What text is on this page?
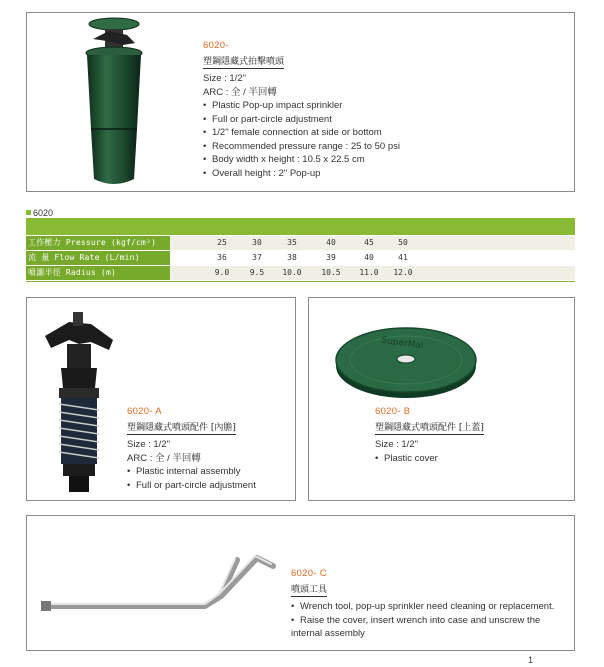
6020-
塑鋼隱藏式拍擊噴頭
Size : 1/2"
ARC : 全 / 半回轉
• Plastic Pop-up impact sprinkler
• Full or part-circle adjustment
• 1/2" female connection at side or bottom
• Recommended pressure range : 25 to 50 psi
• Body width x height : 10.5 x 22.5 cm
• Overall height : 2" Pop-up
6020
工作壓力 Pressure (kgf/cm²)	25	30	35	40	45	50
流 量 Flow Rate (L/min)	36	37	38	39	40	41
噴灑半徑 Radius (m)	9.0	9.5	10.0	10.5	11.0	12.0
6020- A
塑鋼隱藏式噴頭配件 [內膽]
Size : 1/2"
ARC : 全 / 半回轉
• Plastic internal assembly
• Full or part-circle adjustment
SuperMal
6020- B
塑鋼隱藏式噴頭配件 [上蓋]
Size : 1/2"
• Plastic cover
6020- C
噴頭工具
• Wrench tool, pop-up sprinkler need cleaning or replacement.
• Raise the cover, insert wrench into case and unscrew the internal assembly
1
